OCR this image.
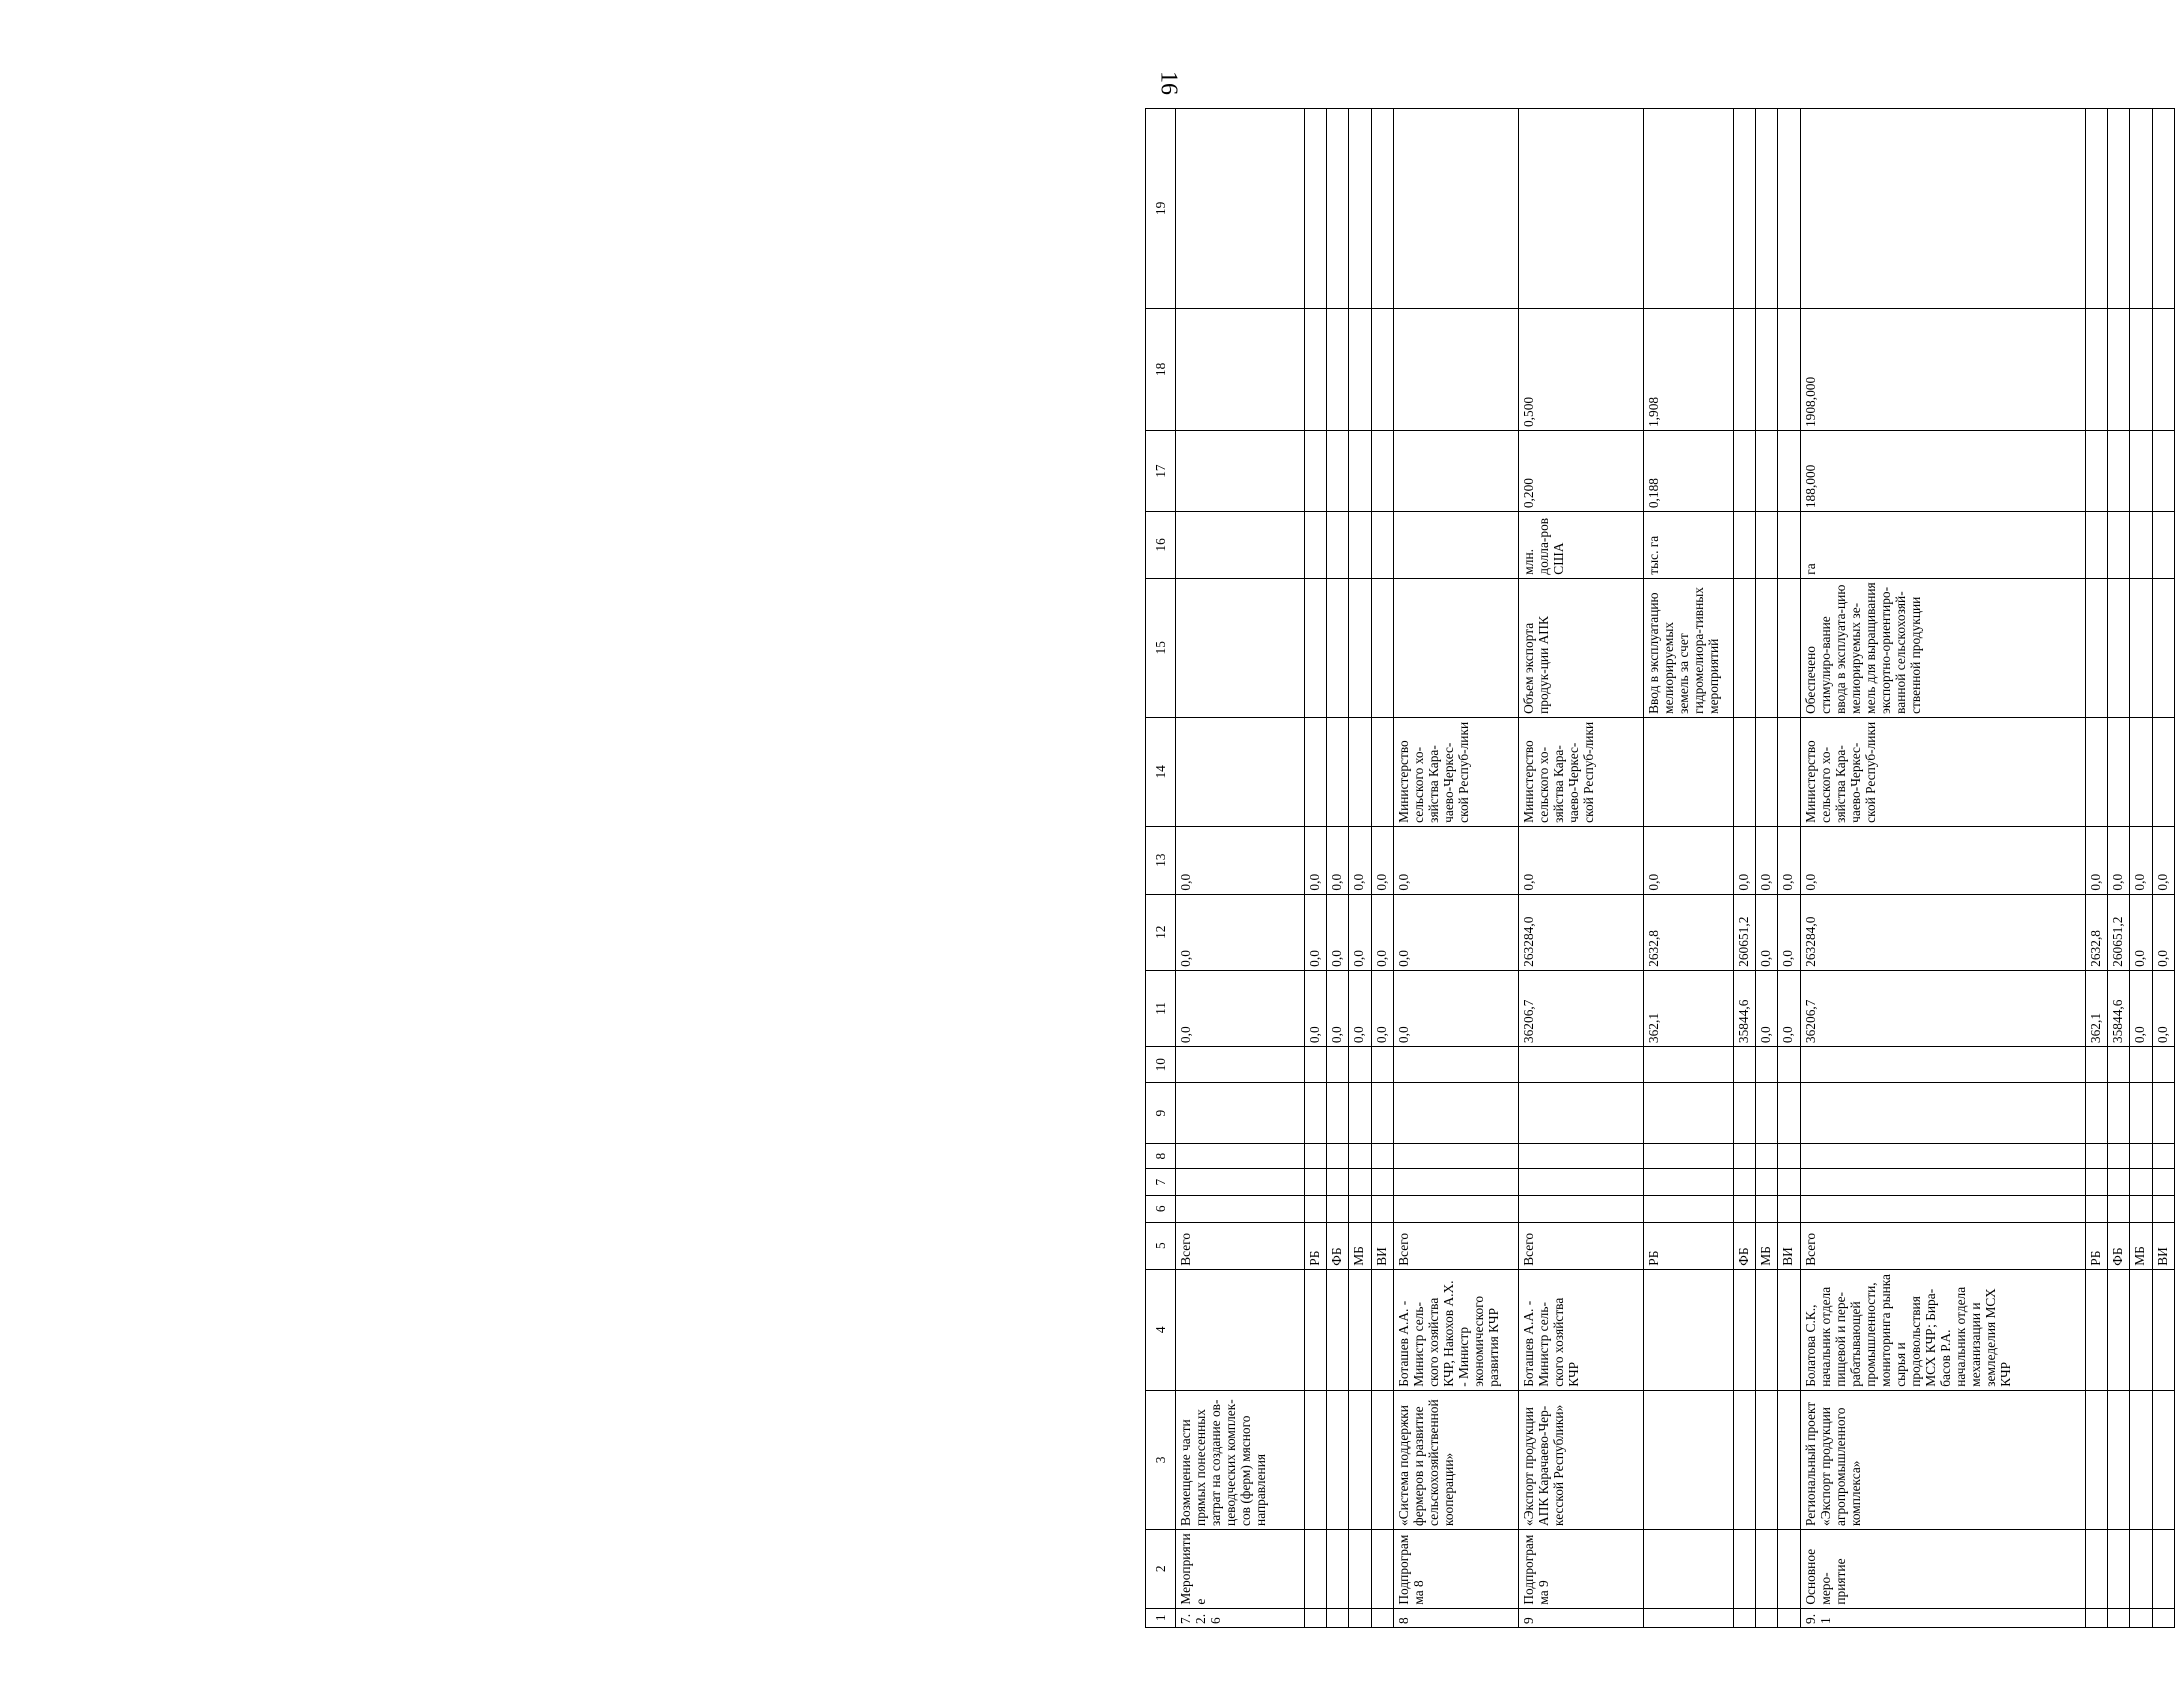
16
1	2	3	4	5	6	7	8	9	10	11	12	13	14	15	16	17	18	19
7.2.6	Мероприятие	Возмещение части прямых понесенных затрат на создание ов-цеводческих комплек-сов (ферм) мясного направления		Всего						0,0	0,0	0,0						
				РБ						0,0	0,0	0,0						
				ФБ						0,0	0,0	0,0						
				МБ						0,0	0,0	0,0						
				ВИ						0,0	0,0	0,0						
8	Подпрограмма 8	«Система поддержки фермеров и развитие сельскохозяйственной кооперации»	Боташев А.А. - Министр сель-ского хозяйства КЧР, Накохов А.Х. - Министр экономического развития КЧР	Всего						0,0	0,0	0,0	Министерство сельского хо-зяйства Кара-чаево-Черкес-ской Респуб-лики					
9	Подпрограмма 9	«Экспорт продукции АПК Карачаево-Чер-кесской Республики»	Боташев А.А. - Министр сель-ского хозяйства КЧР	Всего						36206,7	263284,0	0,0	Министерство сельского хо-зяйства Кара-чаево-Черкес-ской Респуб-лики	Объем экспорта продук-ции АПК	млн. долла-ров США	0,200	0,500	
				РБ						362,1	2632,8	0,0		Ввод в эксплуатацию мелиорируемых земель за счет гидромелиора-тивных мероприятий	тыс. га	0,188	1,908	
				ФБ						35844,6	260651,2	0,0						
				МБ						0,0	0,0	0,0						
				ВИ						0,0	0,0	0,0						
9.1	Основное меро-приятие	Региональный проект «Экспорт продукции агропромышленного комплекса»	Болатова С.К., начальник отдела пищевой и пере-рабатывающей промышленности, мониторинга рынка сырья и продовольствия МСХ КЧР; Бира-басов Р.А. начальник отдела механизации и земледелия МСХ КЧР	Всего						36206,7	263284,0	0,0	Министерство сельского хо-зяйства Кара-чаево-Черкес-ской Респуб-лики	Обеспечено стимулиро-вание ввода в эксплуата-цию мелиорируемых зе-мель для выращивания экспортно-ориентиро-ванной сельскохозяй-ственной продукции	га	188,000	1908,000	
				РБ						362,1	2632,8	0,0						
				ФБ						35844,6	260651,2	0,0						
				МБ						0,0	0,0	0,0						
				ВИ						0,0	0,0	0,0						
